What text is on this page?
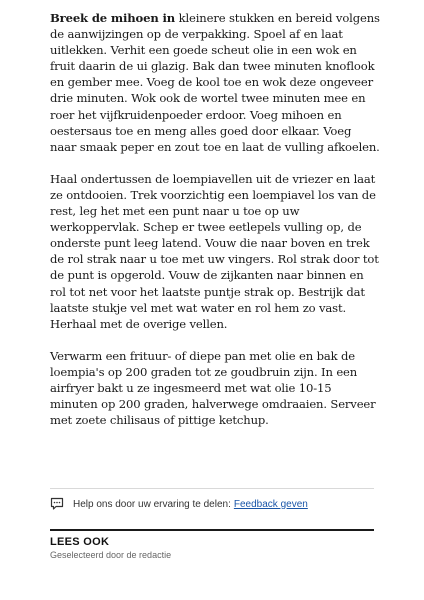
Breek de mihoen in kleinere stukken en bereid volgens de aanwijzingen op de verpakking. Spoel af en laat uitlekken. Verhit een goede scheut olie in een wok en fruit daarin de ui glazig. Bak dan twee minuten knoflook en gember mee. Voeg de kool toe en wok deze ongeveer drie minuten. Wok ook de wortel twee minuten mee en roer het vijfkruidenpoeder erdoor. Voeg mihoen en oestersaus toe en meng alles goed door elkaar. Voeg naar smaak peper en zout toe en laat de vulling afkoelen.

Haal ondertussen de loempiavellen uit de vriezer en laat ze ontdooien. Trek voorzichtig een loempiavel los van de rest, leg het met een punt naar u toe op uw werkoppervlak. Schep er twee eetlepels vulling op, de onderste punt leeg latend. Vouw die naar boven en trek de rol strak naar u toe met uw vingers. Rol strak door tot de punt is opgerold. Vouw de zijkanten naar binnen en rol tot net voor het laatste puntje strak op. Bestrijk dat laatste stukje vel met wat water en rol hem zo vast. Herhaal met de overige vellen.

Verwarm een frituur- of diepe pan met olie en bak de loempia's op 200 graden tot ze goudbruin zijn. In een airfryer bakt u ze ingesmeerd met wat olie 10-15 minuten op 200 graden, halverwege omdraaien. Serveer met zoete chilisaus of pittige ketchup.

Help ons door uw ervaring te delen: Feedback geven
LEES OOK
Geselecteerd door de redactie
